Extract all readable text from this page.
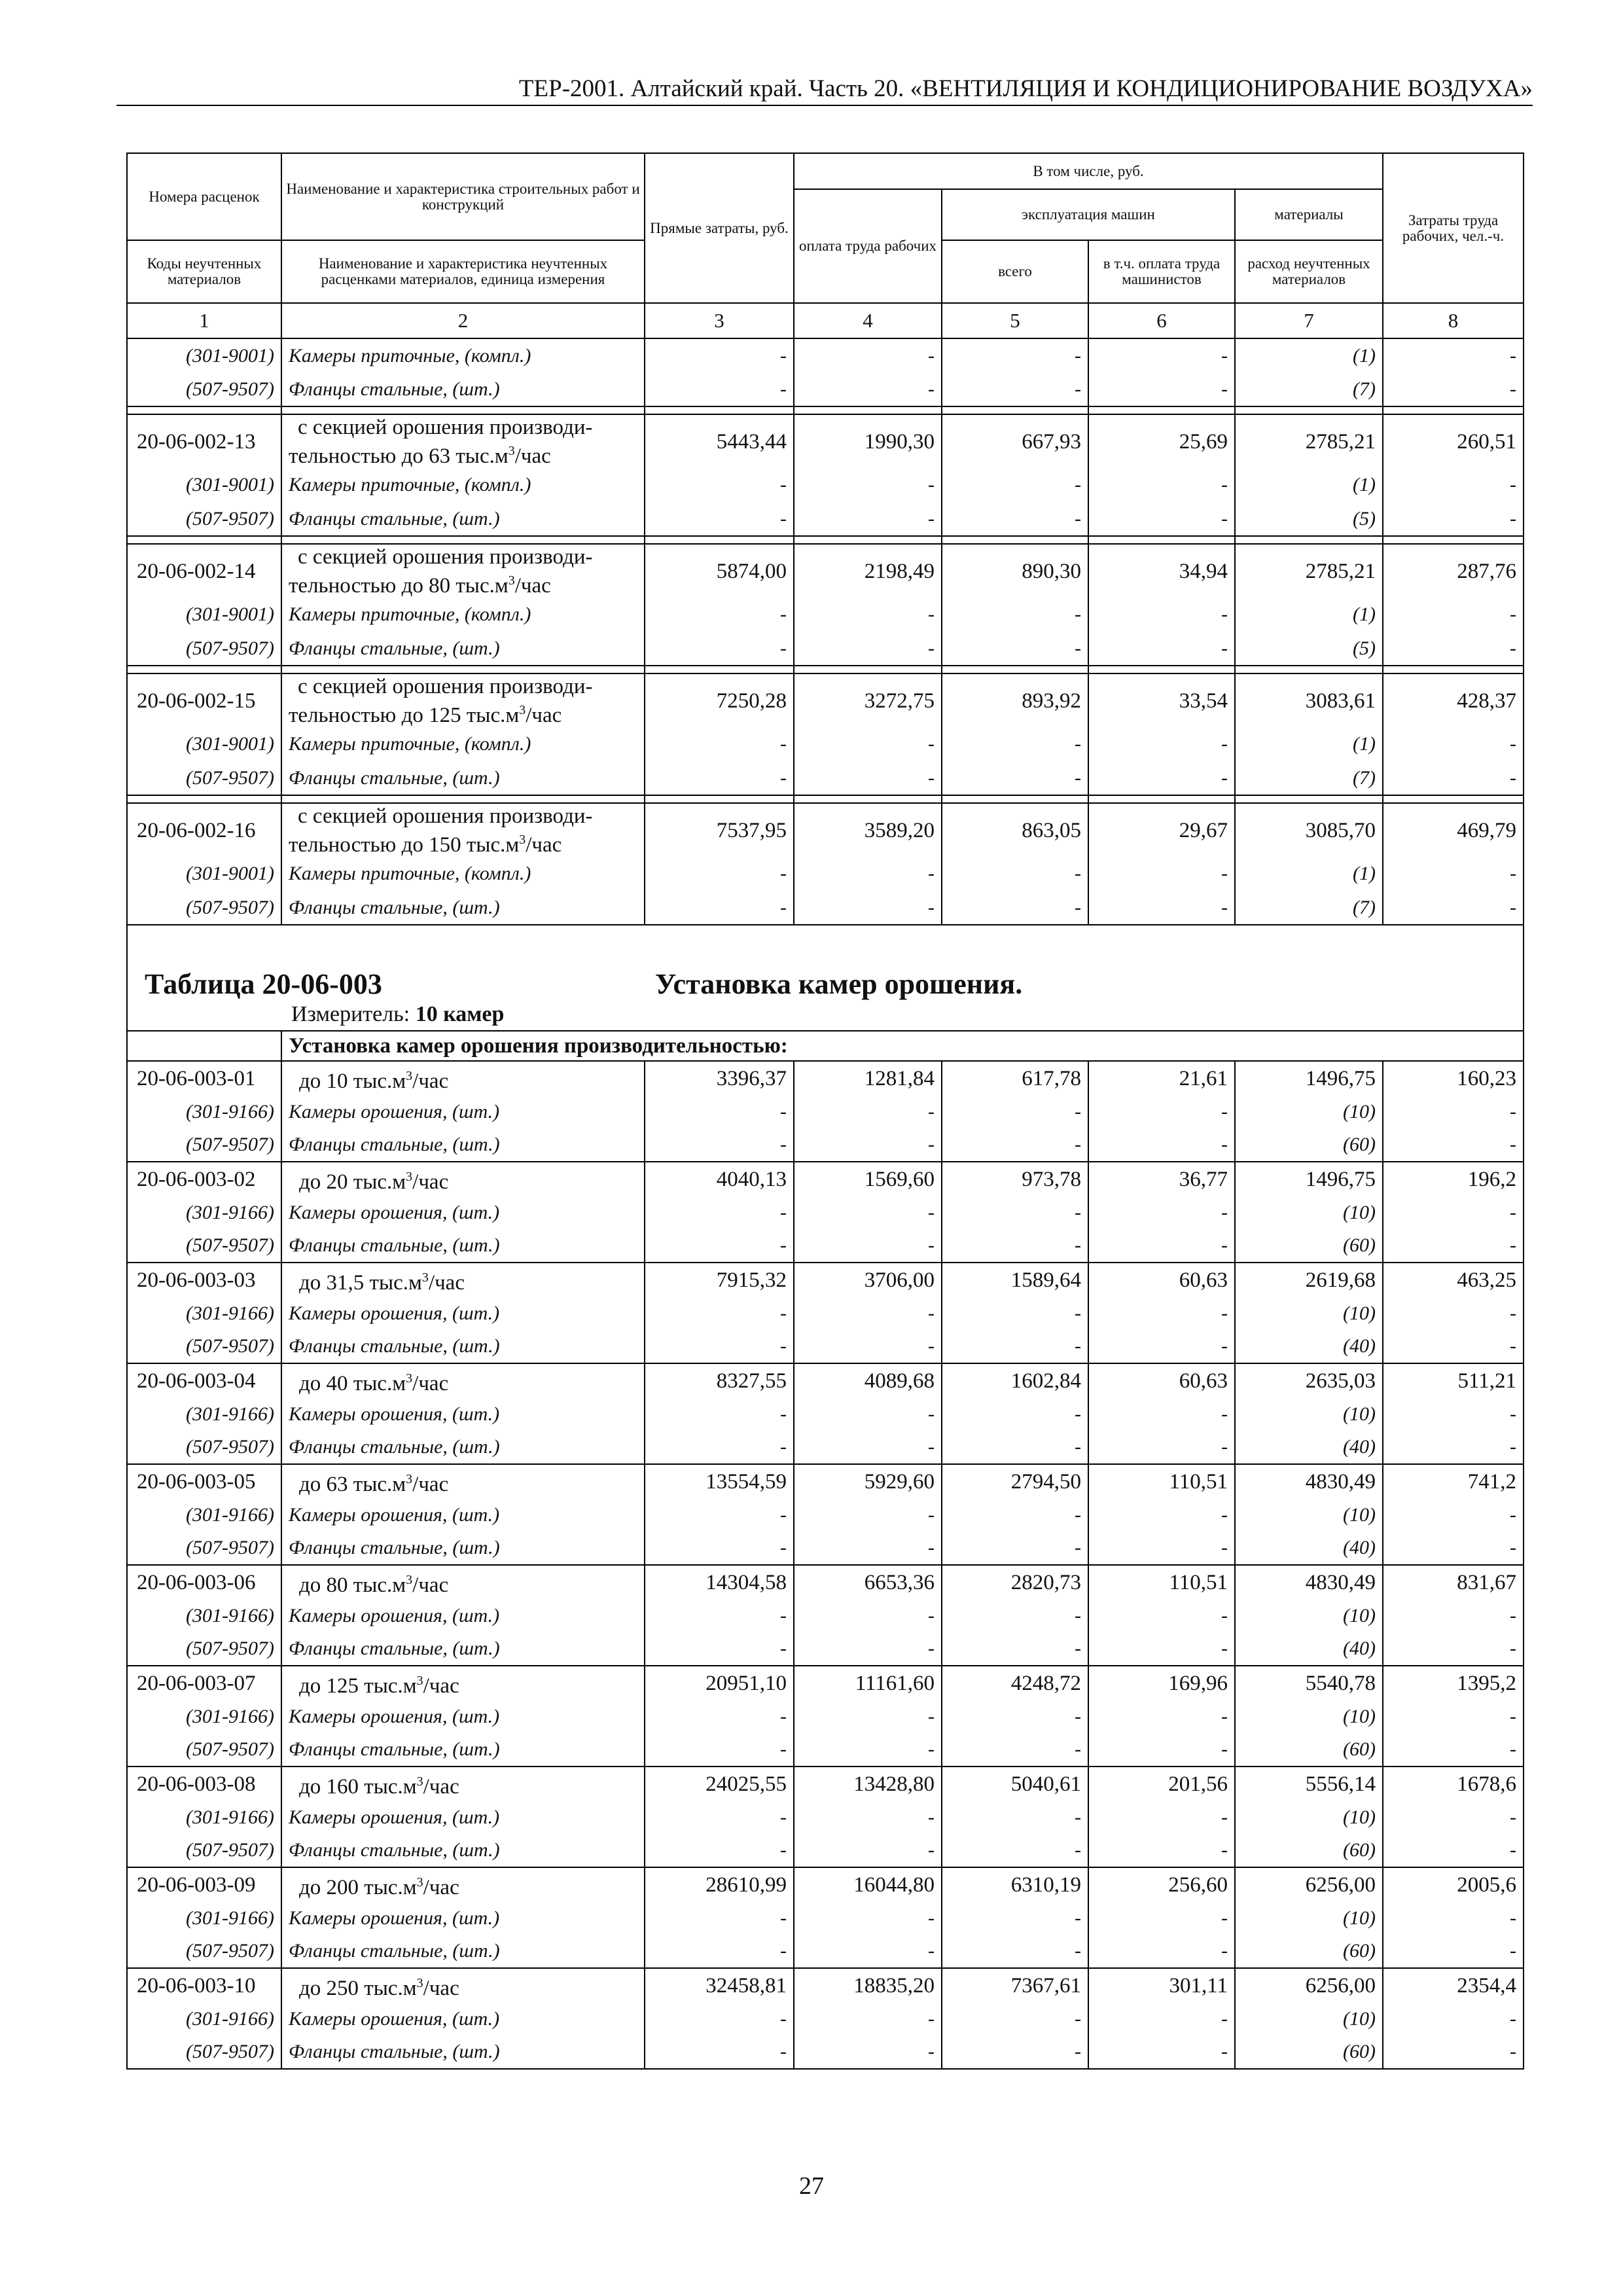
ТЕР-2001. Алтайский край. Часть 20. «ВЕНТИЛЯЦИЯ И КОНДИЦИОНИРОВАНИЕ ВОЗДУХА»
Номера расценок	Наименование и характеристика строительных работ и конструкций	Прямые затраты, руб.	В том числе, руб.				Затраты труда рабочих, чел.-ч.
			оплата труда рабочих	эксплуатация машин		материалы	
Коды неучтенных материалов	Наименование и характеристика неучтенных расценками материалов, единица измерения			всего	в т.ч. оплата труда машинистов	расход неучтенных материалов	
1	2	3	4	5	6	7	8
(301-9001)	Камеры приточные, (компл.)	-	-	-	-	(1)	-
(507-9507)	Фланцы стальные, (шт.)	-	-	-	-	(7)	-

20-06-002-13	с секцией орошения производи-
тельностью до 63 $тыс.м^3$/час	5443,44	1990,30	667,93	25,69	2785,21	260,51
(301-9001)	Камеры приточные, (компл.)	-	-	-	-	(1)	-
(507-9507)	Фланцы стальные, (шт.)	-	-	-	-	(5)	-

20-06-002-14	с секцией орошения производи-
тельностью до 80 $тыс.м^3$/час	5874,00	2198,49	890,30	34,94	2785,21	287,76
(301-9001)	Камеры приточные, (компл.)	-	-	-	-	(1)	-
(507-9507)	Фланцы стальные, (шт.)	-	-	-	-	(5)	-

20-06-002-15	с секцией орошения производи-
тельностью до 125 $тыс.м^3$/час	7250,28	3272,75	893,92	33,54	3083,61	428,37
(301-9001)	Камеры приточные, (компл.)	-	-	-	-	(1)	-
(507-9507)	Фланцы стальные, (шт.)	-	-	-	-	(7)	-

20-06-002-16	с секцией орошения производи-
тельностью до 150 $тыс.м^3$/час	7537,95	3589,20	863,05	29,67	3085,70	469,79
(301-9001)	Камеры приточные, (компл.)	-	-	-	-	(1)	-
(507-9507)	Фланцы стальные, (шт.)	-	-	-	-	(7)	-

Таблица 20-06-003 Установка камер орошения.
Измеритель: 10 камер							

	Установка камер орошения производительностью:						
20-06-003-01	до 10 $тыс.м^3$/час	3396,37	1281,84	617,78	21,61	1496,75	160,23
(301-9166)	Камеры орошения, (шт.)	-	-	-	-	(10)	-
(507-9507)	Фланцы стальные, (шт.)	-	-	-	-	(60)	-
20-06-003-02	до 20 $тыс.м^3$/час	4040,13	1569,60	973,78	36,77	1496,75	196,2
(301-9166)	Камеры орошения, (шт.)	-	-	-	-	(10)	-
(507-9507)	Фланцы стальные, (шт.)	-	-	-	-	(60)	-
20-06-003-03	до 31,5 $тыс.м^3$/час	7915,32	3706,00	1589,64	60,63	2619,68	463,25
(301-9166)	Камеры орошения, (шт.)	-	-	-	-	(10)	-
(507-9507)	Фланцы стальные, (шт.)	-	-	-	-	(40)	-
20-06-003-04	до 40 $тыс.м^3$/час	8327,55	4089,68	1602,84	60,63	2635,03	511,21
(301-9166)	Камеры орошения, (шт.)	-	-	-	-	(10)	-
(507-9507)	Фланцы стальные, (шт.)	-	-	-	-	(40)	-
20-06-003-05	до 63 $тыс.м^3$/час	13554,59	5929,60	2794,50	110,51	4830,49	741,2
(301-9166)	Камеры орошения, (шт.)	-	-	-	-	(10)	-
(507-9507)	Фланцы стальные, (шт.)	-	-	-	-	(40)	-
20-06-003-06	до 80 $тыс.м^3$/час	14304,58	6653,36	2820,73	110,51	4830,49	831,67
(301-9166)	Камеры орошения, (шт.)	-	-	-	-	(10)	-
(507-9507)	Фланцы стальные, (шт.)	-	-	-	-	(40)	-
20-06-003-07	до 125 $тыс.м^3$/час	20951,10	11161,60	4248,72	169,96	5540,78	1395,2
(301-9166)	Камеры орошения, (шт.)	-	-	-	-	(10)	-
(507-9507)	Фланцы стальные, (шт.)	-	-	-	-	(60)	-
20-06-003-08	до 160 $тыс.м^3$/час	24025,55	13428,80	5040,61	201,56	5556,14	1678,6
(301-9166)	Камеры орошения, (шт.)	-	-	-	-	(10)	-
(507-9507)	Фланцы стальные, (шт.)	-	-	-	-	(60)	-
20-06-003-09	до 200 $тыс.м^3$/час	28610,99	16044,80	6310,19	256,60	6256,00	2005,6
(301-9166)	Камеры орошения, (шт.)	-	-	-	-	(10)	-
(507-9507)	Фланцы стальные, (шт.)	-	-	-	-	(60)	-
20-06-003-10	до 250 $тыс.м^3$/час	32458,81	18835,20	7367,61	301,11	6256,00	2354,4
(301-9166)	Камеры орошения, (шт.)	-	-	-	-	(10)	-
(507-9507)	Фланцы стальные, (шт.)	-	-	-	-	(60)	-
27
